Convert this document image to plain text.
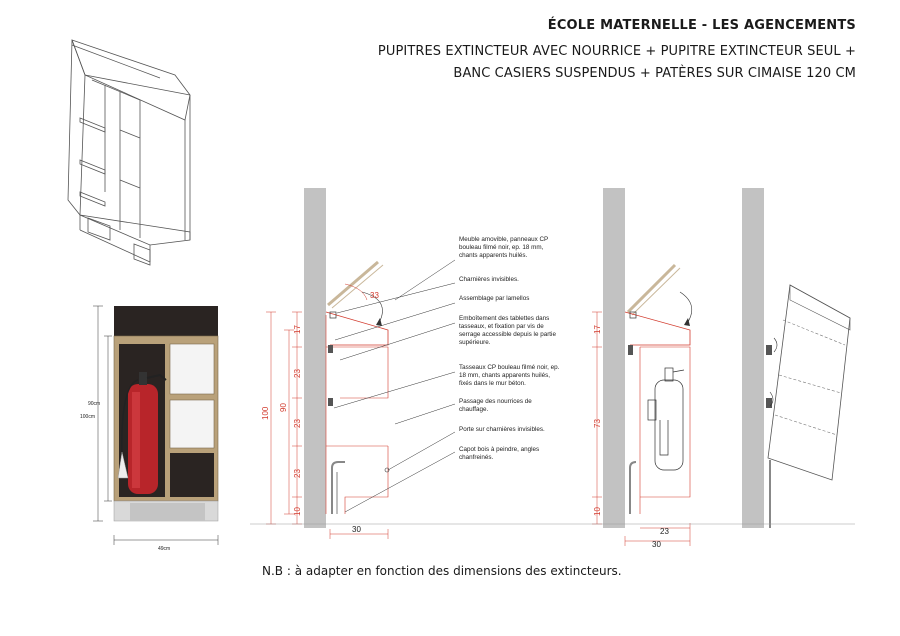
ÉCOLE MATERNELLE - LES AGENCEMENTS
PUPITRES EXTINCTEUR AVEC NOURRICE + PUPITRE EXTINCTEUR SEUL +
BANC CASIERS SUSPENDUS + PATÈRES SUR CIMAISE 120 CM
N.B : à adapter en fonction des dimensions des extincteurs.
100cm
90cm
49cm
33
100 90
17
23
23
23
10
30
Meuble amovible, panneaux CP bouleau filmé noir, ep. 18 mm, chants apparents huilés.
Charnières invisibles.
Assemblage par lamellos
Emboîtement des tablettes dans tasseaux, et fixation par vis de serrage accessible depuis le partie supérieure.
Tasseaux CP bouleau filmé noir, ep. 18 mm, chants apparents huilés, fixés dans le mur béton.
Passage des nourrices de chauffage.
Porte sur charnières invisibles.
Capot bois à peindre, angles chanfreinés.
17
73
10
23
30
